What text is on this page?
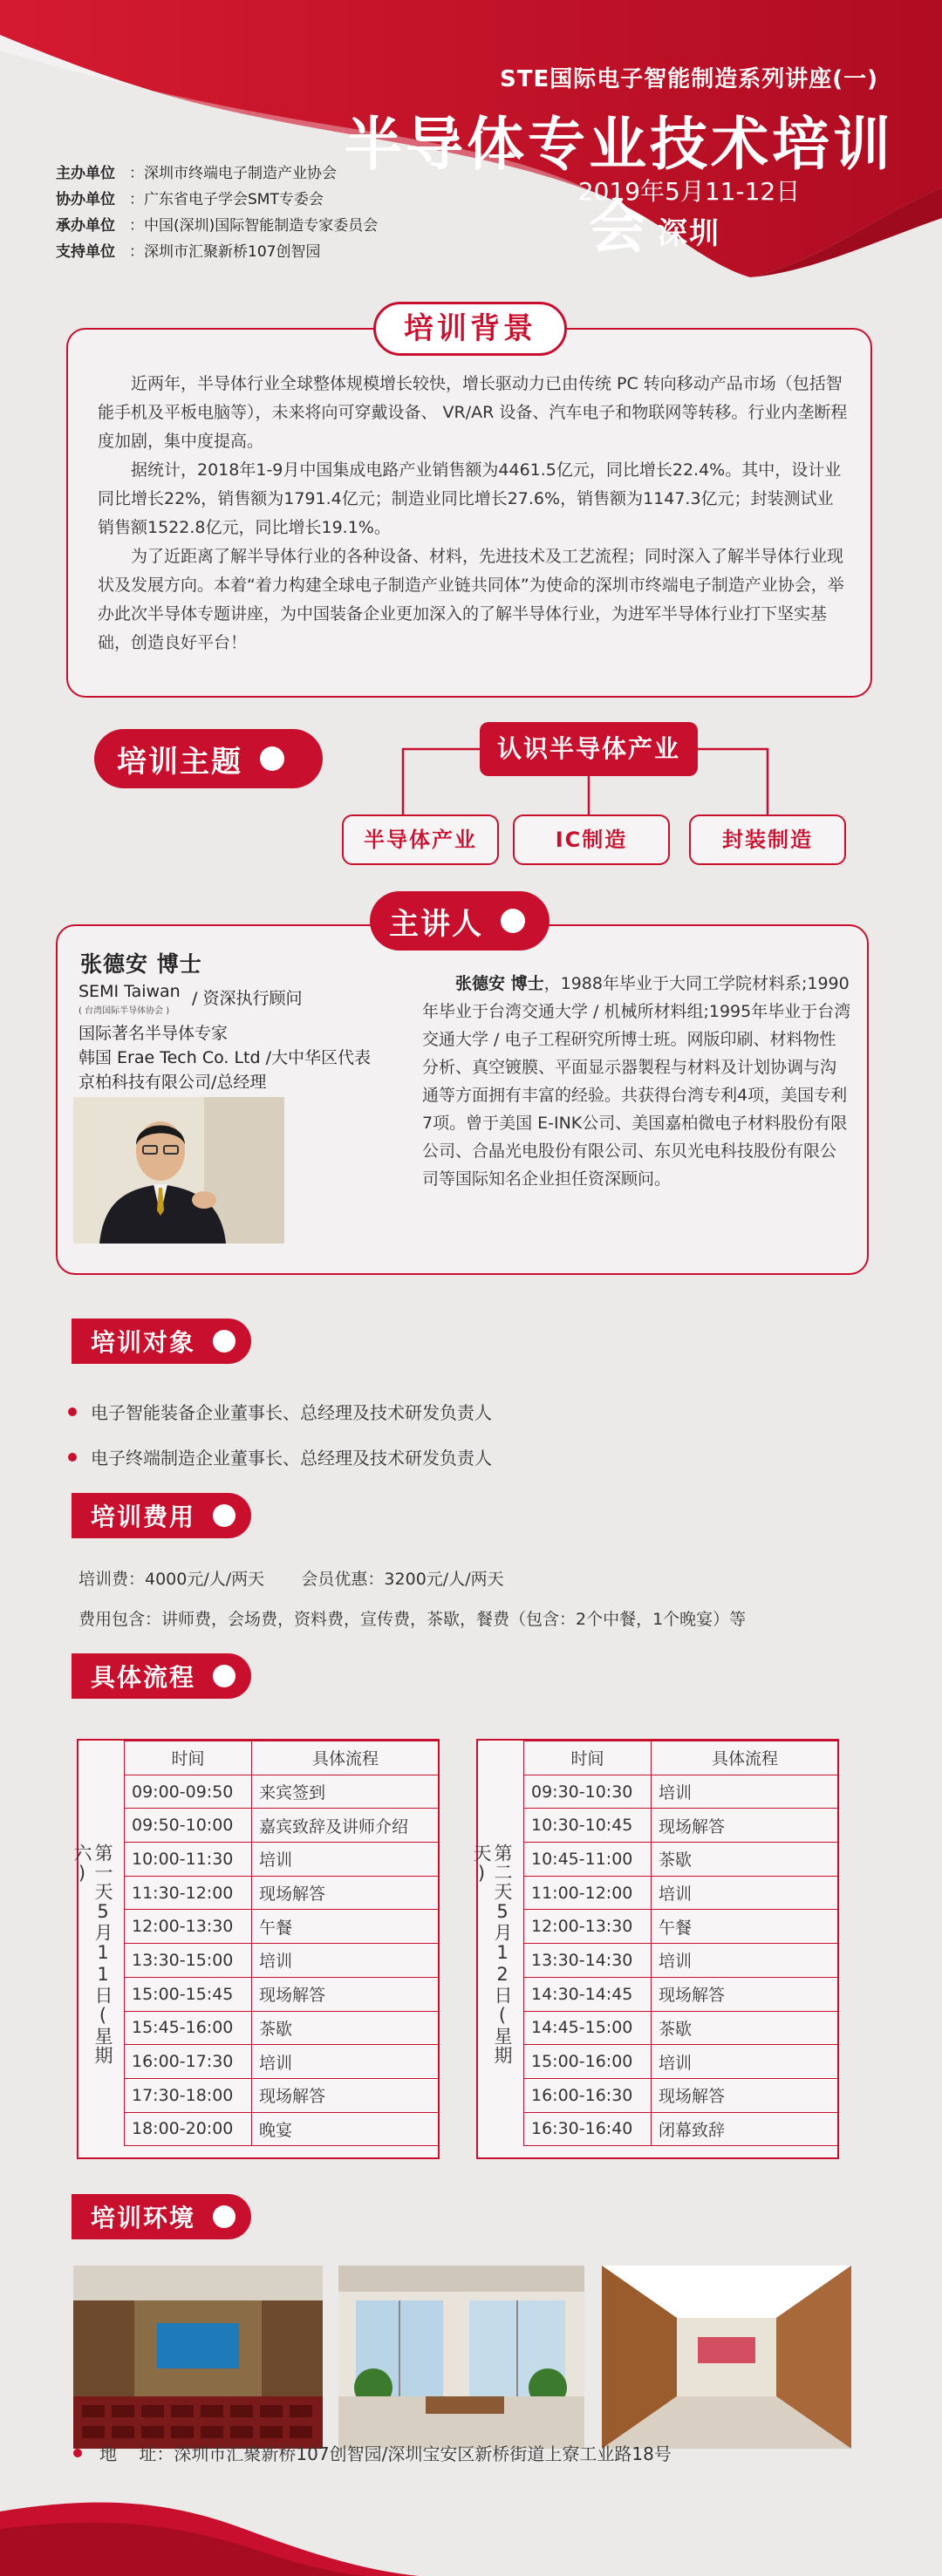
STE国际电子智能制造系列讲座(一)
半导体专业技术培训会
2019年5月11-12日
深圳
主办单位 ：深圳市终端电子制造产业协会
协办单位 ：广东省电子学会SMT专委会
承办单位 ：中国(深圳)国际智能制造专家委员会
支持单位 ：深圳市汇聚新桥107创智园
培训背景

近两年，半导体行业全球整体规模增长较快，增长驱动力已由传统 PC 转向移动产品市场（包括智能手机及平板电脑等），未来将向可穿戴设备、 VR/AR 设备、汽车电子和物联网等转移。行业内垄断程度加剧，集中度提高。

据统计，2018年1-9月中国集成电路产业销售额为4461.5亿元，同比增长22.4%。其中，设计业同比增长22%，销售额为1791.4亿元；制造业同比增长27.6%，销售额为1147.3亿元；封装测试业销售额1522.8亿元，同比增长19.1%。

为了近距离了解半导体行业的各种设备、材料，先进技术及工艺流程；同时深入了解半导体行业现状及发展方向。本着“着力构建全球电子制造产业链共同体”为使命的深圳市终端电子制造产业协会，举办此次半导体专题讲座，为中国装备企业更加深入的了解半导体行业，为进军半导体行业打下坚实基础，创造良好平台！

培训主题	认识半导体产业
半导体产业	IC制造	封装制造
主讲人
张德安 博士
SEMI Taiwan
( 台湾国际半导体协会 )
/ 资深执行顾问
国际著名半导体专家
韩国 Erae Tech Co. Ltd /大中华区代表
京柏科技有限公司/总经理
张德安 博士，1988年毕业于大同工学院材料系;1990年毕业于台湾交通大学 / 机械所材料组;1995年毕业于台湾交通大学 / 电子工程研究所博士班。网版印刷、材料物性分析、真空镀膜、平面显示器製程与材料及计划协调与沟通等方面拥有丰富的经验。共获得台湾专利4项，美国专利7项。曾于美国 E-INK公司、美国嘉柏微电子材料股份有限公司、合晶光电股份有限公司、东贝光电科技股份有限公司等国际知名企业担任资深顾问。
培训对象
电子智能装备企业董事长、总经理及技术研发负责人
电子终端制造企业董事长、总经理及技术研发负责人
培训费用
培训费：4000元/人/两天       会员优惠：3200元/人/两天
费用包含：讲师费，会场费，资料费，宣传费，茶歇，餐费（包含：2个中餐，1个晚宴）等
具体流程
第一天5月11日(星期六)
时间	具体流程
09:00-09:50	来宾签到
09:50-10:00	嘉宾致辞及讲师介绍
10:00-11:30	培训
11:30-12:00	现场解答
12:00-13:30	午餐
13:30-15:00	培训
15:00-15:45	现场解答
15:45-16:00	茶歇
16:00-17:30	培训
17:30-18:00	现场解答
18:00-20:00	晚宴
第二天5月12日(星期天)
时间	具体流程
09:30-10:30	培训
10:30-10:45	现场解答
10:45-11:00	茶歇
11:00-12:00	培训
12:00-13:30	午餐
13:30-14:30	培训
14:30-14:45	现场解答
14:45-15:00	茶歇
15:00-16:00	培训
16:00-16:30	现场解答
16:30-16:40	闭幕致辞
培训环境
地    址：深圳市汇聚新桥107创智园/深圳宝安区新桥街道上寮工业路18号
